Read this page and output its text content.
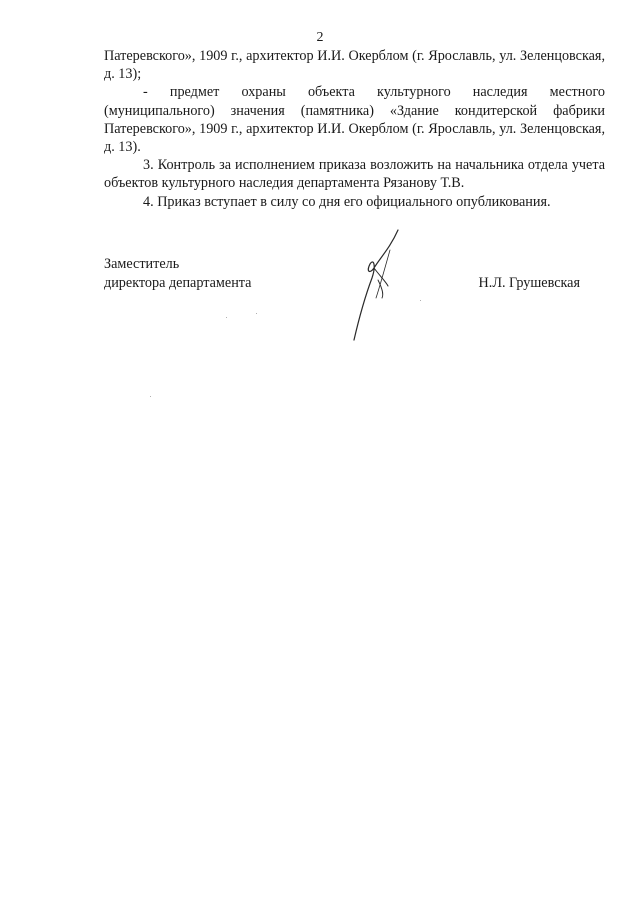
2

Патеревского», 1909 г., архитектор И.И. Окерблом (г. Ярославль, ул. Зеленцовская, д. 13);

- предмет охраны объекта культурного наследия местного (муниципального) значения (памятника) «Здание кондитерской фабрики Патеревского», 1909 г., архитектор И.И. Окерблом (г. Ярославль, ул. Зеленцовская, д. 13).

3. Контроль за исполнением приказа возложить на начальника отдела учета объектов культурного наследия департамента Рязанову Т.В.

4. Приказ вступает в силу со дня его официального опубликования.

Заместитель
директора департамента	Н.Л. Грушевская
